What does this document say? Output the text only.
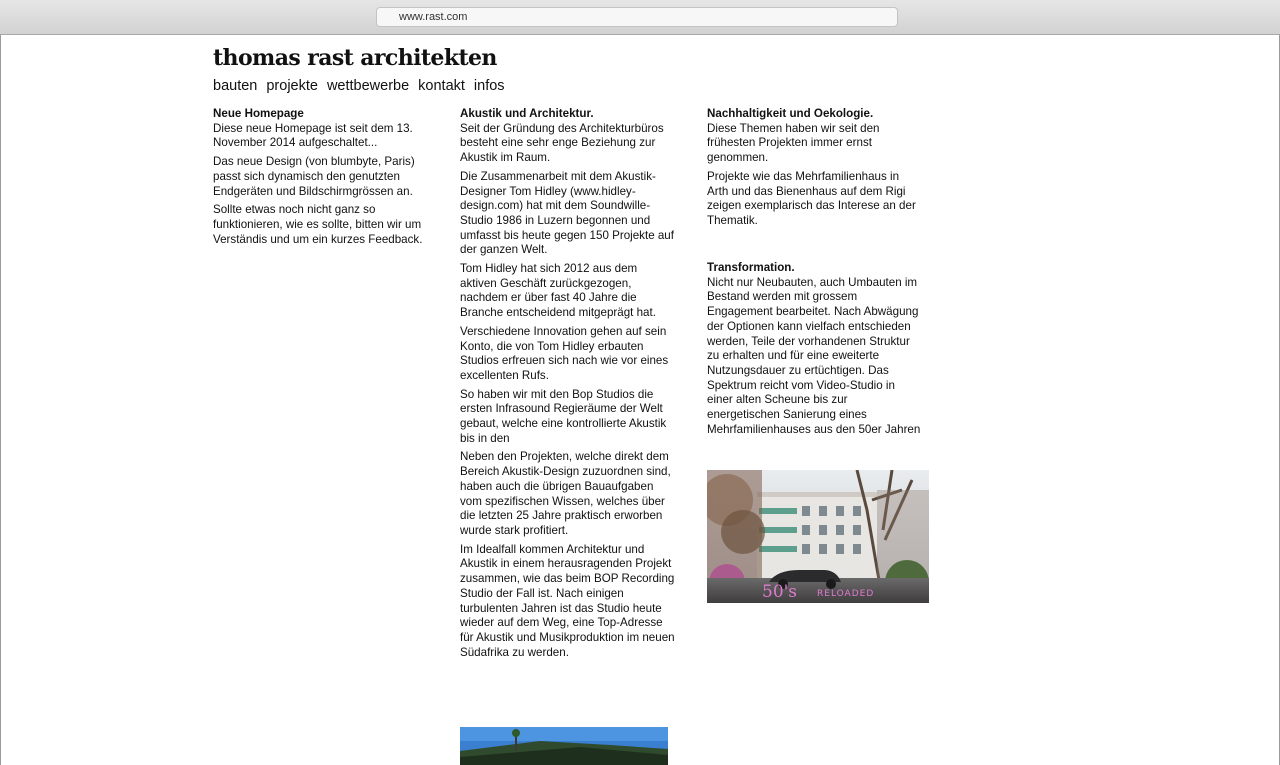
www.rast.com
thomas rast architekten
bauten projekte wettbewerbe kontakt infos
Neue Homepage

Diese neue Homepage ist seit dem 13. November 2014 aufgeschaltet...

Das neue Design (von blumbyte, Paris) passt sich dynamisch den genutzten Endgeräten und Bildschirmgrössen an.

Sollte etwas noch nicht ganz so funktionieren, wie es sollte, bitten wir um Verständis und um ein kurzes Feedback.

Akustik und Architektur.

Seit der Gründung des Architekturbüros besteht eine sehr enge Beziehung zur Akustik im Raum.

Die Zusammenarbeit mit dem Akustik-Designer Tom Hidley (www.hidley-design.com) hat mit dem Soundwille-Studio 1986 in Luzern begonnen und umfasst bis heute gegen 150 Projekte auf der ganzen Welt.

Tom Hidley hat sich 2012 aus dem aktiven Geschäft zurückgezogen, nachdem er über fast 40 Jahre die Branche entscheidend mitgeprägt hat.

Verschiedene Innovation gehen auf sein Konto, die von Tom Hidley erbauten Studios erfreuen sich nach wie vor eines excellenten Rufs.

So haben wir mit den Bop Studios die ersten Infrasound Regieräume der Welt gebaut, welche eine kontrollierte Akustik bis in den

Neben den Projekten, welche direkt dem Bereich Akustik-Design zuzuordnen sind, haben auch die übrigen Bauaufgaben vom spezifischen Wissen, welches über die letzten 25 Jahre praktisch erworben wurde stark profitiert.

Im Idealfall kommen Architektur und Akustik in einem herausragenden Projekt zusammen, wie das beim BOP Recording Studio der Fall ist. Nach einigen turbulenten Jahren ist das Studio heute wieder auf dem Weg, eine Top-Adresse für Akustik und Musikproduktion im neuen Südafrika zu werden.

Nachhaltigkeit und Oekologie.

Diese Themen haben wir seit den frühesten Projekten immer ernst genommen.

Projekte wie das Mehrfamilienhaus in Arth und das Bienenhaus auf dem Rigi zeigen exemplarisch das Interese an der Thematik.

Transformation.

Nicht nur Neubauten, auch Umbauten im Bestand werden mit grossem Engagement bearbeitet. Nach Abwägung der Optionen kann vielfach entschieden werden, Teile der vorhandenen Struktur zu erhalten und für eine eweiterte Nutzungsdauer zu ertüchtigen. Das Spektrum reicht vom Video-Studio in einer alten Scheune bis zur energetischen Sanierung eines Mehrfamilienhauses aus den 50er Jahren

50's RELOADED
